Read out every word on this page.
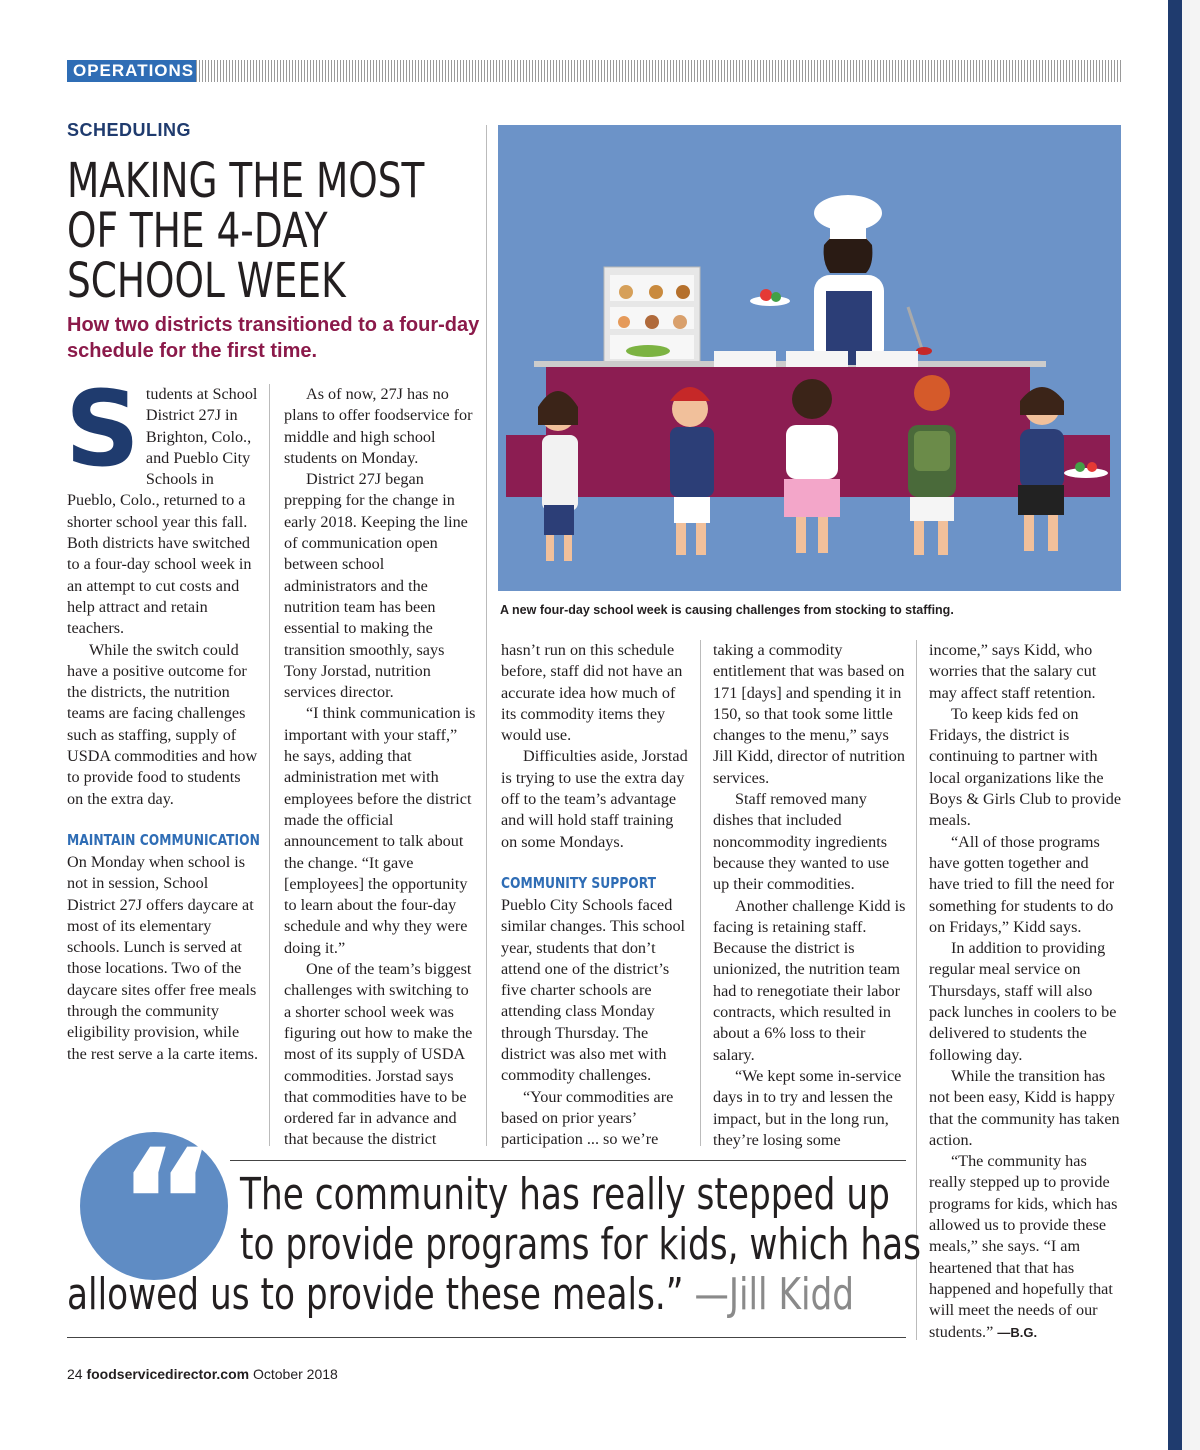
OPERATIONS
SCHEDULING
MAKING THE MOST
OF THE 4-DAY
SCHOOL WEEK
How two districts transitioned to a four-day schedule for the first time.
S tudents at School District 27J in Brighton, Colo., and Pueblo City Schools in Pueblo, Colo., returned to a shorter school year this fall. Both districts have switched to a four-day school week in an attempt to cut costs and help attract and retain teachers.

While the switch could have a positive outcome for the districts, the nutrition teams are facing challenges such as staffing, supply of USDA commodities and how to provide food to students on the extra day.

MAINTAIN COMMUNICATION

On Monday when school is not in session, School District 27J offers daycare at most of its elementary schools. Lunch is served at those locations. Two of the daycare sites offer free meals through the community eligibility provision, while the rest serve a la carte items.

As of now, 27J has no plans to offer foodservice for middle and high school students on Monday.

District 27J began prepping for the change in early 2018. Keeping the line of communication open between school administrators and the nutrition team has been essential to making the transition smoothly, says Tony Jorstad, nutrition services director.

“I think communication is important with your staff,” he says, adding that administration met with employees before the district made the official announcement to talk about the change. “It gave [employees] the opportunity to learn about the four-day schedule and why they were doing it.”

One of the team’s biggest challenges with switching to a shorter school week was figuring out how to make the most of its supply of USDA commodities. Jorstad says that commodities have to be ordered far in advance and that because the district

A new four-day school week is causing challenges from stocking to staffing.

hasn’t run on this schedule before, staff did not have an accurate idea how much of its commodity items they would use.

Difficulties aside, Jorstad is trying to use the extra day off to the team’s advantage and will hold staff training on some Mondays.

COMMUNITY SUPPORT

Pueblo City Schools faced similar changes. This school year, students that don’t attend one of the district’s five charter schools are attending class Monday through Thursday. The district was also met with commodity challenges.

“Your commodities are based on prior years’ participation ... so we’re

taking a commodity entitlement that was based on 171 [days] and spending it in 150, so that took some little changes to the menu,” says Jill Kidd, director of nutrition services.

Staff removed many dishes that included noncommodity ingredients because they wanted to use up their commodities.

Another challenge Kidd is facing is retaining staff. Because the district is unionized, the nutrition team had to renegotiate their labor contracts, which resulted in about a 6% loss to their salary.

“We kept some in-service days in to try and lessen the impact, but in the long run, they’re losing some

income,” says Kidd, who worries that the salary cut may affect staff retention.

To keep kids fed on Fridays, the district is continuing to partner with local organizations like the Boys & Girls Club to provide meals.

“All of those programs have gotten together and have tried to fill the need for something for students to do on Fridays,” Kidd says.

In addition to providing regular meal service on Thursdays, staff will also pack lunches in coolers to be delivered to students the following day.

While the transition has not been easy, Kidd is happy that the community has taken action.

“The community has really stepped up to provide programs for kids, which has allowed us to provide these meals,” she says. “I am heartened that that has happened and hopefully that will meet the needs of our students.” —B.G.

“ The community has really stepped up
to provide programs for kids, which has
allowed us to provide these meals.” —Jill Kidd
24 foodservicedirector.com October 2018
